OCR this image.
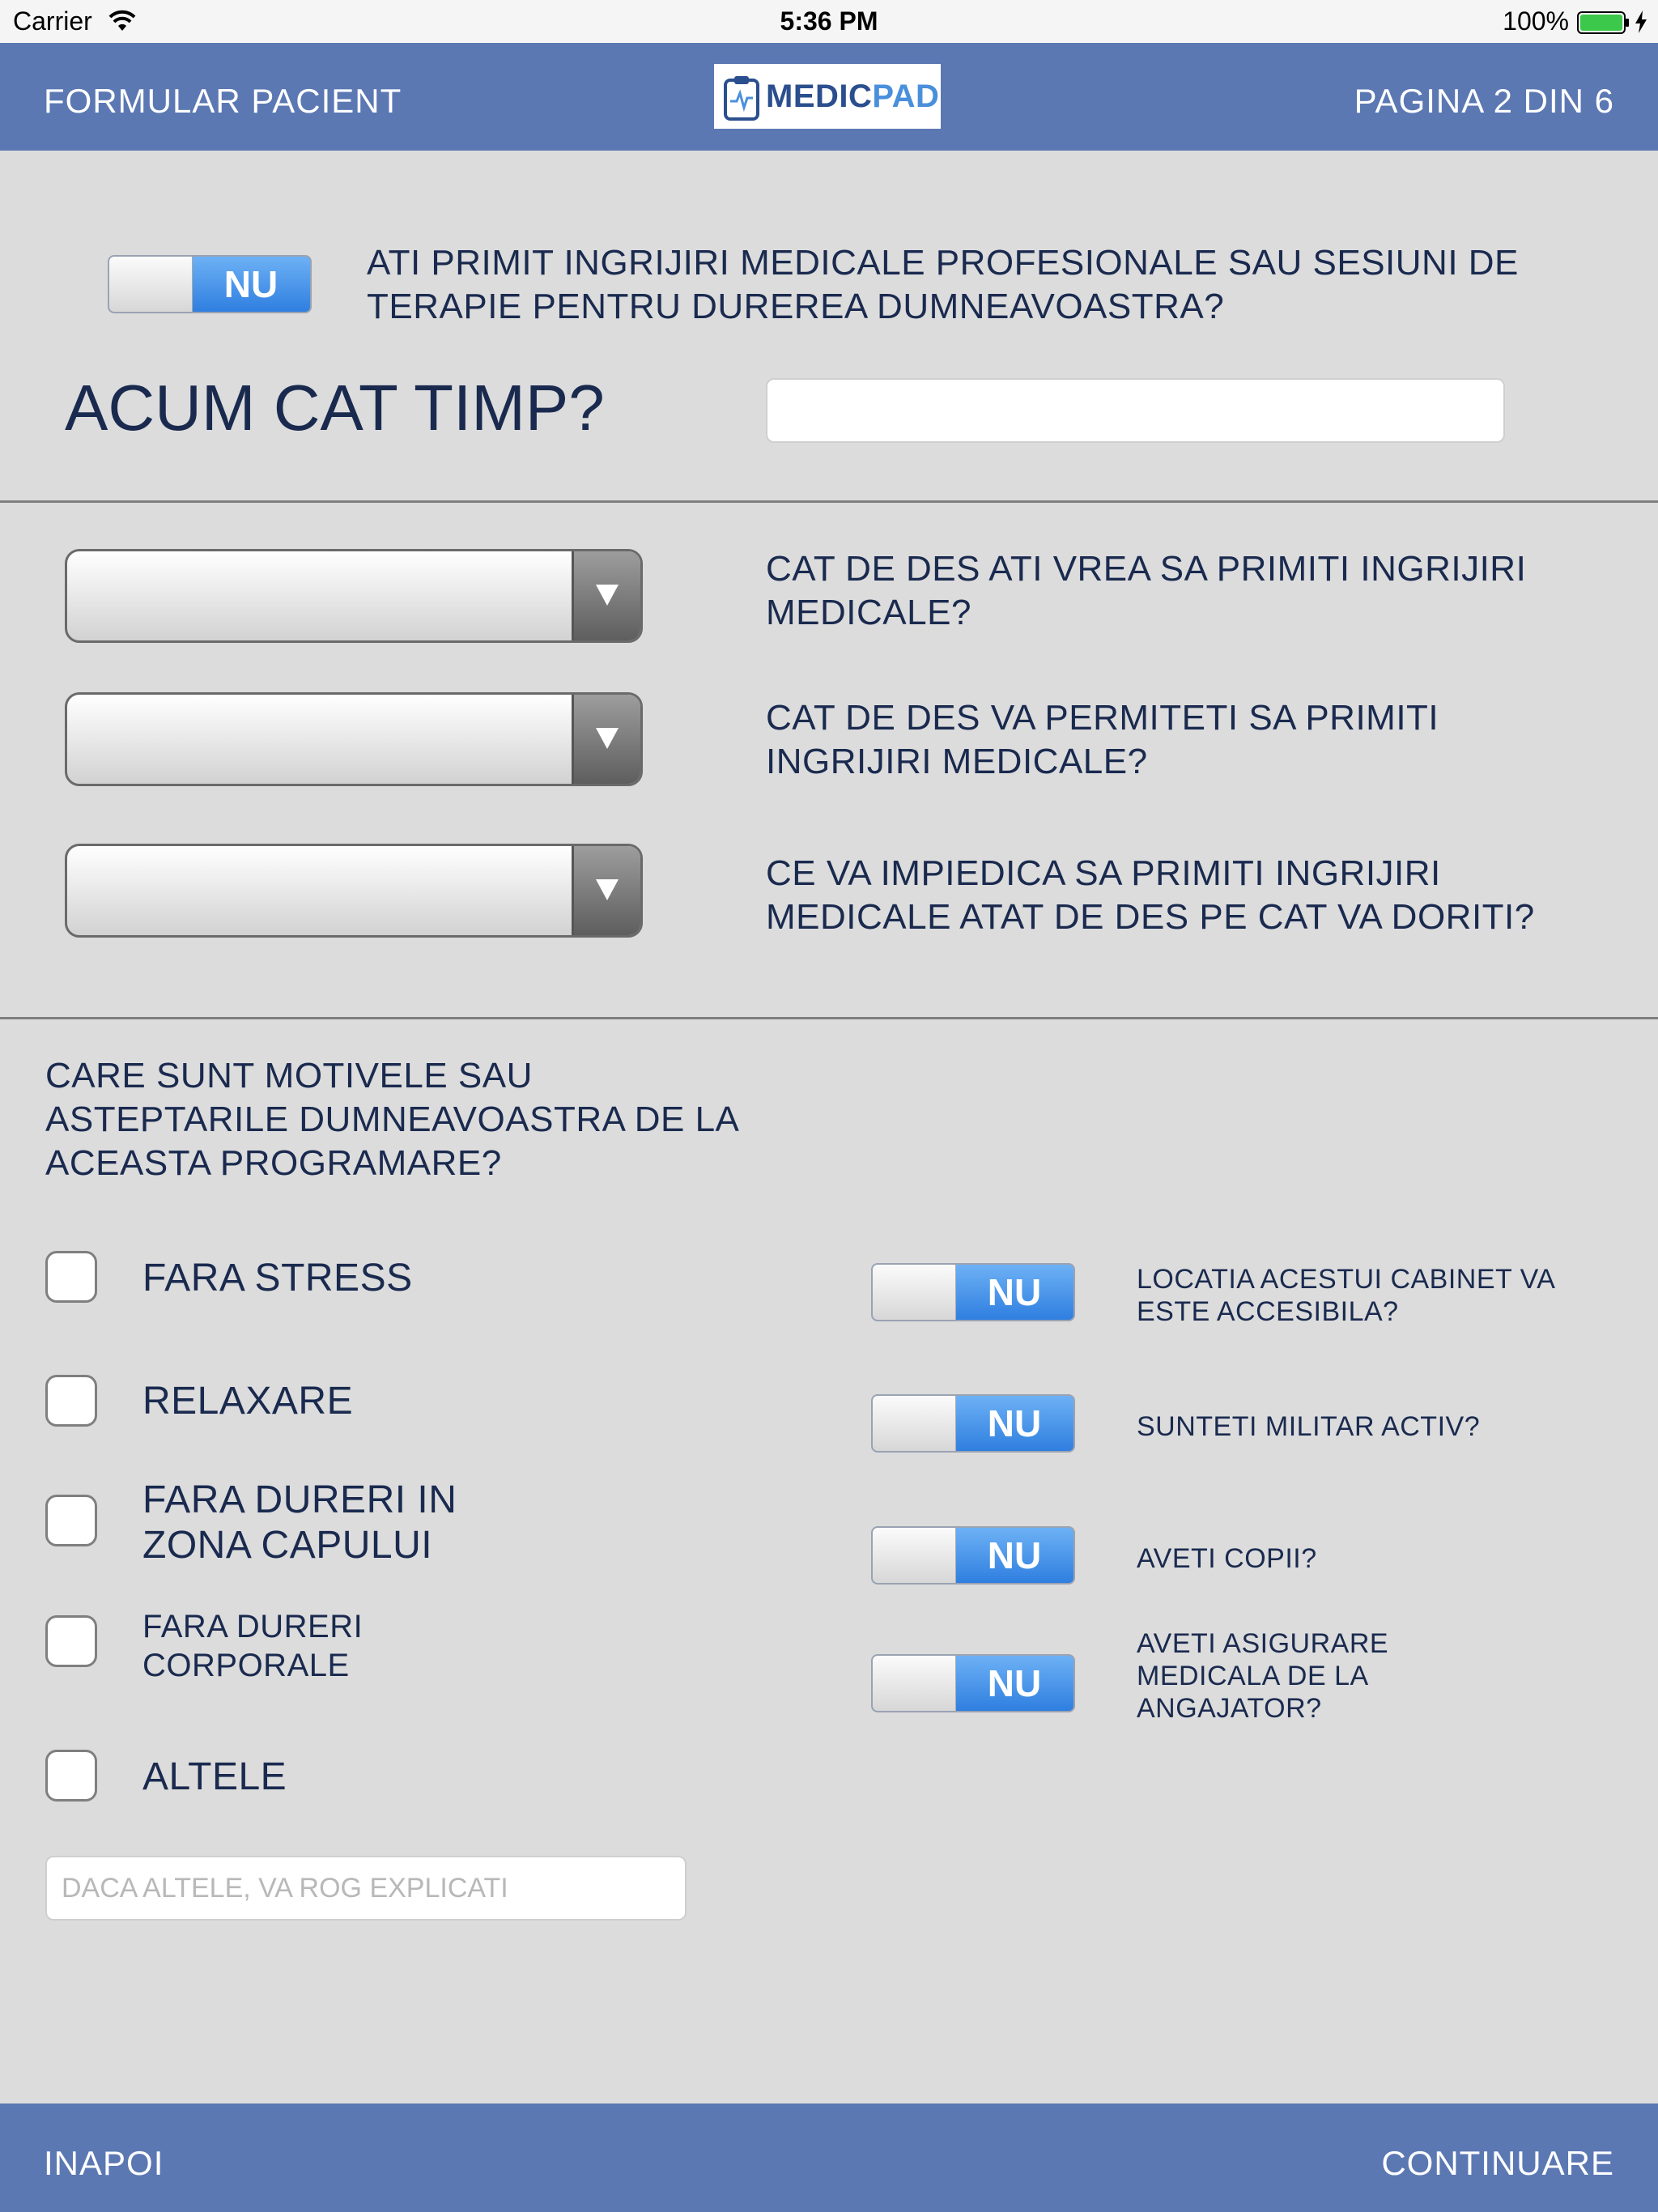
Carrier	5:36 PM	100%
FORMULAR PACIENT	MEDICPAD	PAGINA 2 DIN 6
NU
ATI PRIMIT INGRIJIRI MEDICALE PROFESIONALE SAU SESIUNI DE TERAPIE PENTRU DUREREA DUMNEAVOASTRA?
ACUM CAT TIMP?
CAT DE DES ATI VREA SA PRIMITI INGRIJIRI MEDICALE?
CAT DE DES VA PERMITETI SA PRIMITI INGRIJIRI MEDICALE?
CE VA IMPIEDICA SA PRIMITI INGRIJIRI MEDICALE ATAT DE DES PE CAT VA DORITI?
CARE SUNT MOTIVELE SAU ASTEPTARILE DUMNEAVOASTRA DE LA ACEASTA PROGRAMARE?
FARA STRESS
RELAXARE
FARA DURERI IN ZONA CAPULUI
FARA DURERI CORPORALE
ALTELE
DACA ALTELE, VA ROG EXPLICATI
NU	LOCATIA ACESTUI CABINET VA ESTE ACCESIBILA?
NU	SUNTETI MILITAR ACTIV?
NU	AVETI COPII?
NU
AVETI ASIGURARE MEDICALA DE LA ANGAJATOR?
INAPOI	CONTINUARE
